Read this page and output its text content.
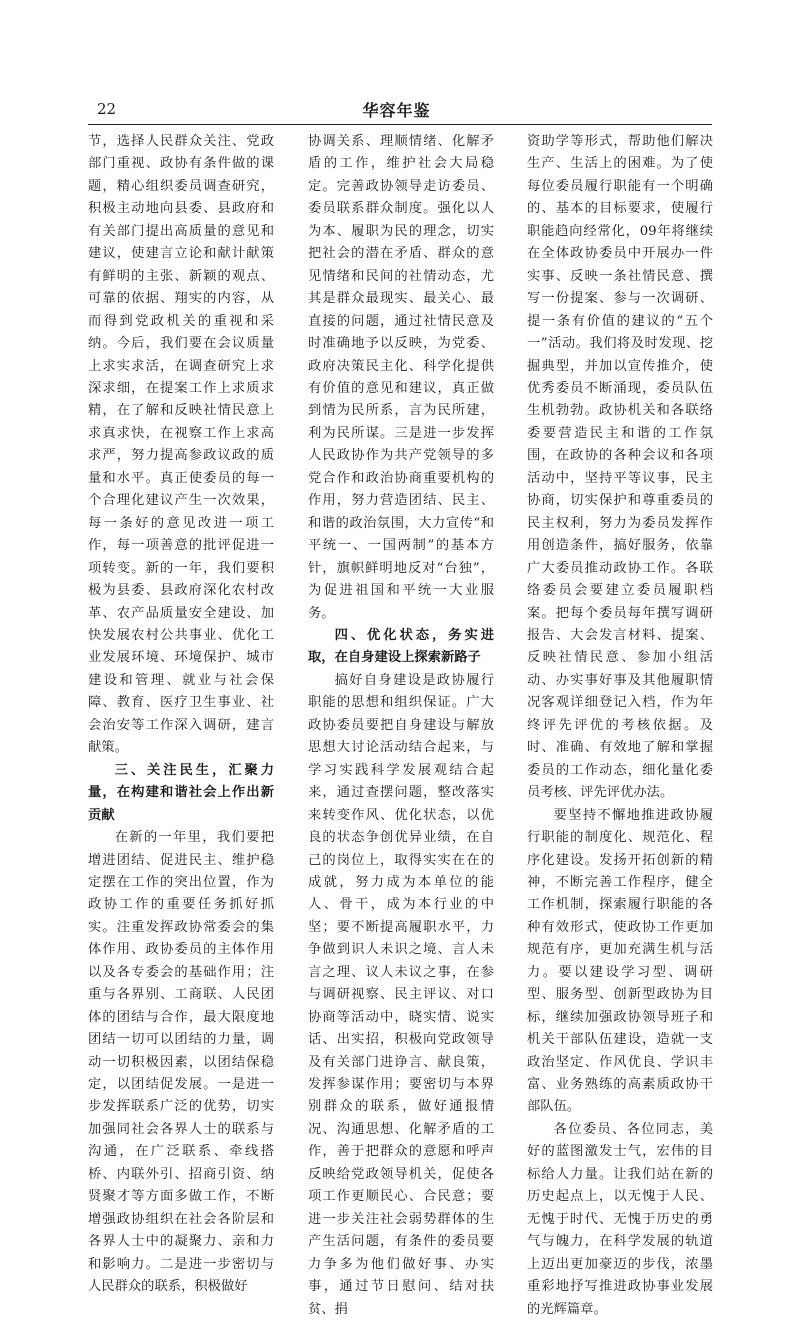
22	华容年鉴

节，选择人民群众关注、党政部门重视、政协有条件做的课题，精心组织委员调查研究，积极主动地向县委、县政府和有关部门提出高质量的意见和建议，使建言立论和献计献策有鲜明的主张、新颖的观点、可靠的依据、翔实的内容，从而得到党政机关的重视和采纳。今后，我们要在会议质量上求实求活，在调查研究上求深求细，在提案工作上求质求精，在了解和反映社情民意上求真求快，在视察工作上求高求严，努力提高参政议政的质量和水平。真正使委员的每一个合理化建议产生一次效果，每一条好的意见改进一项工作，每一项善意的批评促进一项转变。新的一年，我们要积极为县委、县政府深化农村改革、农产品质量安全建设、加快发展农村公共事业、优化工业发展环境、环境保护、城市建设和管理、就业与社会保障、教育、医疗卫生事业、社会治安等工作深入调研，建言献策。

三、关注民生，汇聚力量，在构建和谐社会上作出新贡献

在新的一年里，我们要把增进团结、促进民主、维护稳定摆在工作的突出位置，作为政协工作的重要任务抓好抓实。注重发挥政协常委会的集体作用、政协委员的主体作用以及各专委会的基础作用；注重与各界别、工商联、人民团体的团结与合作，最大限度地团结一切可以团结的力量，调动一切积极因素，以团结保稳定，以团结促发展。一是进一步发挥联系广泛的优势，切实加强同社会各界人士的联系与沟通，在广泛联系、牵线搭桥、内联外引、招商引资、纳贤聚才等方面多做工作，不断增强政协组织在社会各阶层和各界人士中的凝聚力、亲和力和影响力。二是进一步密切与人民群众的联系，积极做好

协调关系、理顺情绪、化解矛盾的工作，维护社会大局稳定。完善政协领导走访委员、委员联系群众制度。强化以人为本、履职为民的理念，切实把社会的潜在矛盾、群众的意见情绪和民间的社情动态，尤其是群众最现实、最关心、最直接的问题，通过社情民意及时准确地予以反映，为党委、政府决策民主化、科学化提供有价值的意见和建议，真正做到情为民所系，言为民所建，利为民所谋。三是进一步发挥人民政协作为共产党领导的多党合作和政治协商重要机构的作用，努力营造团结、民主、和谐的政治氛围，大力宣传“和平统一、一国两制”的基本方针，旗帜鲜明地反对“台独”，为促进祖国和平统一大业服务。

四、优化状态，务实进取，在自身建设上探索新路子

搞好自身建设是政协履行职能的思想和组织保证。广大政协委员要把自身建设与解放思想大讨论活动结合起来，与学习实践科学发展观结合起来，通过查摆问题，整改落实来转变作风、优化状态，以优良的状态争创优异业绩，在自己的岗位上，取得实实在在的成就，努力成为本单位的能人、骨干，成为本行业的中坚；要不断提高履职水平，力争做到识人未识之境、言人未言之理、议人未议之事，在参与调研视察、民主评议、对口协商等活动中，晓实情、说实话、出实招，积极向党政领导及有关部门进诤言、献良策，发挥参谋作用；要密切与本界别群众的联系，做好通报情况、沟通思想、化解矛盾的工作，善于把群众的意愿和呼声反映给党政领导机关，促使各项工作更顺民心、合民意；要进一步关注社会弱势群体的生产生活问题，有条件的委员要力争多为他们做好事、办实事，通过节日慰问、结对扶贫、捐

资助学等形式，帮助他们解决生产、生活上的困难。为了使每位委员履行职能有一个明确的、基本的目标要求，使履行职能趋向经常化，09年将继续在全体政协委员中开展办一件实事、反映一条社情民意、撰写一份提案、参与一次调研、提一条有价值的建议的“五个一”活动。我们将及时发现、挖掘典型，并加以宣传推介，使优秀委员不断涌现，委员队伍生机勃勃。政协机关和各联络委要营造民主和谐的工作氛围，在政协的各种会议和各项活动中，坚持平等议事，民主协商，切实保护和尊重委员的民主权利，努力为委员发挥作用创造条件，搞好服务，依靠广大委员推动政协工作。各联络委员会要建立委员履职档案。把每个委员每年撰写调研报告、大会发言材料、提案、反映社情民意、参加小组活动、办实事好事及其他履职情况客观详细登记入档，作为年终评先评优的考核依据。及时、准确、有效地了解和掌握委员的工作动态，细化量化委员考核、评先评优办法。

要坚持不懈地推进政协履行职能的制度化、规范化、程序化建设。发扬开拓创新的精神，不断完善工作程序，健全工作机制，探索履行职能的各种有效形式，使政协工作更加规范有序，更加充满生机与活力。要以建设学习型、调研型、服务型、创新型政协为目标，继续加强政协领导班子和机关干部队伍建设，造就一支政治坚定、作风优良、学识丰富、业务熟练的高素质政协干部队伍。

各位委员、各位同志，美好的蓝图激发士气，宏伟的目标给人力量。让我们站在新的历史起点上，以无愧于人民、无愧于时代、无愧于历史的勇气与魄力，在科学发展的轨道上迈出更加豪迈的步伐，浓墨重彩地抒写推进政协事业发展的光辉篇章。
